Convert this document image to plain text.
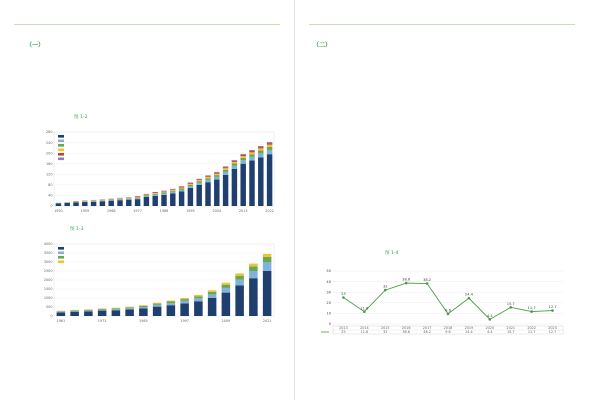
（一）
图 1-2
0
40
80
120
160
200
240
280
1950	1959	1968	1977	1986	1995	2004	2013	2022
图 1-3
0
500
1000
1500
2000
2500
3000
3500
4000
1961	1973	1985	1997	2009	2021
（二）
图 1-4
0
10
20
30
40
50
25
11.6
32
38.6	38.2
9.6
24.4
4.4
15.7
11.7	12.7
2013
25
2014
11.6
2015
32
2016
38.6
2017
38.2
2018
9.6
2019
24.4
2020
4.4
2021
15.7
2022
11.7
2023
12.7
